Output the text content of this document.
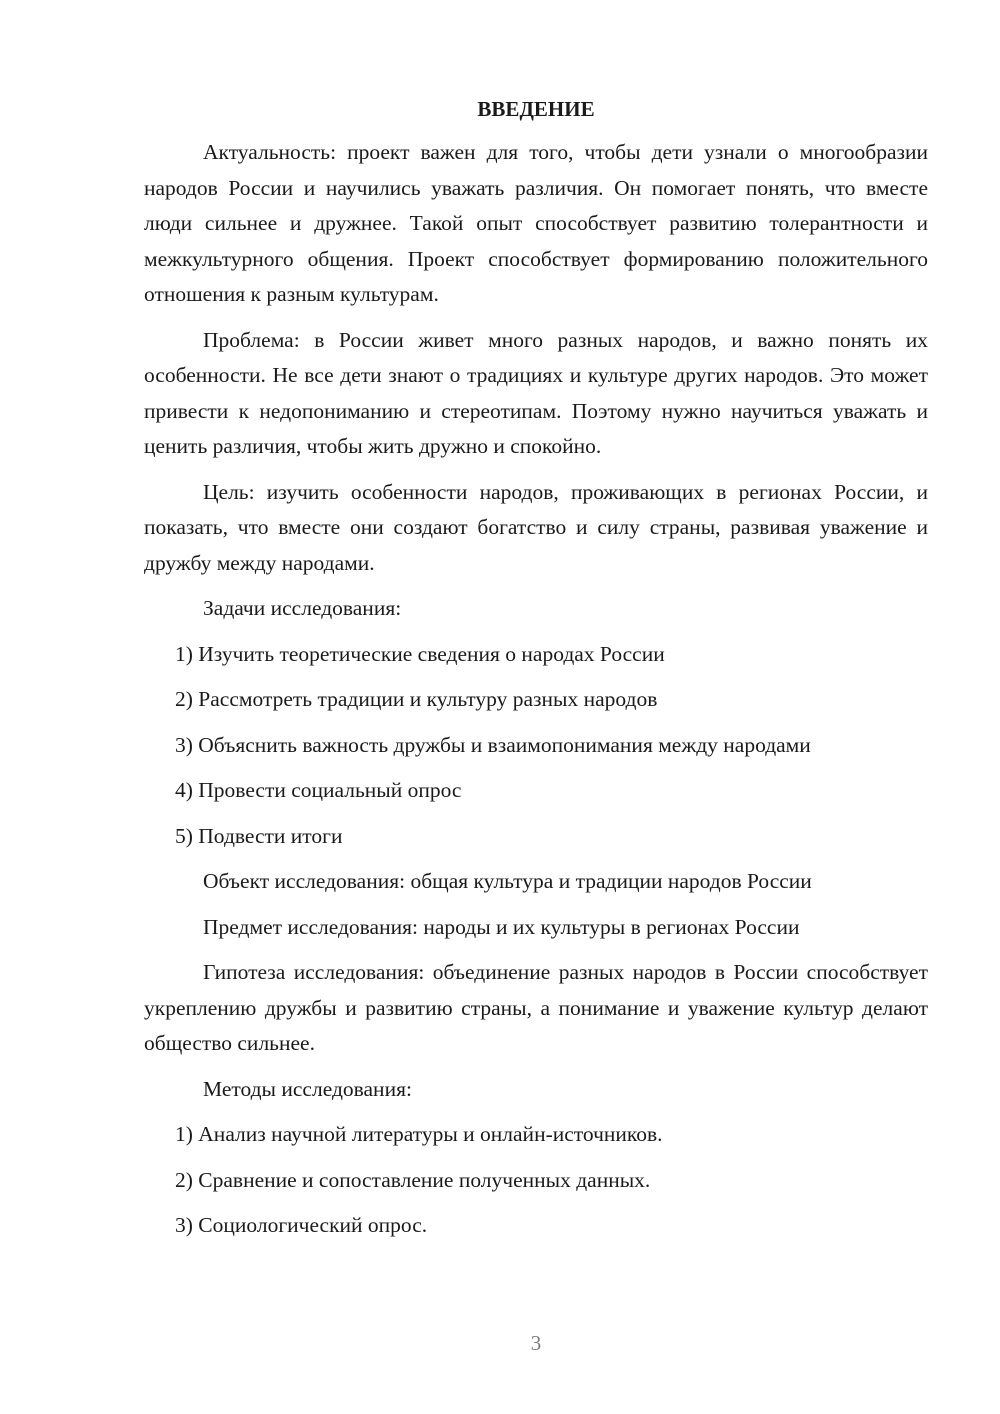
ВВЕДЕНИЕ

Актуальность: проект важен для того, чтобы дети узнали о многообразии народов России и научились уважать различия. Он помогает понять, что вместе люди сильнее и дружнее. Такой опыт способствует развитию толерантности и межкультурного общения. Проект способствует формированию положительного отношения к разным культурам.

Проблема: в России живет много разных народов, и важно понять их особенности. Не все дети знают о традициях и культуре других народов. Это может привести к недопониманию и стереотипам. Поэтому нужно научиться уважать и ценить различия, чтобы жить дружно и спокойно.

Цель: изучить особенности народов, проживающих в регионах России, и показать, что вместе они создают богатство и силу страны, развивая уважение и дружбу между народами.

Задачи исследования:
1) Изучить теоретические сведения о народах России
2) Рассмотреть традиции и культуру разных народов
3) Объяснить важность дружбы и взаимопонимания между народами
4) Провести социальный опрос
5) Подвести итоги
Объект исследования: общая культура и традиции народов России
Предмет исследования: народы и их культуры в регионах России

Гипотеза исследования: объединение разных народов в России способствует укреплению дружбы и развитию страны, а понимание и уважение культур делают общество сильнее.

Методы исследования:
1) Анализ научной литературы и онлайн-источников.
2) Сравнение и сопоставление полученных данных.
3) Социологический опрос.
3
